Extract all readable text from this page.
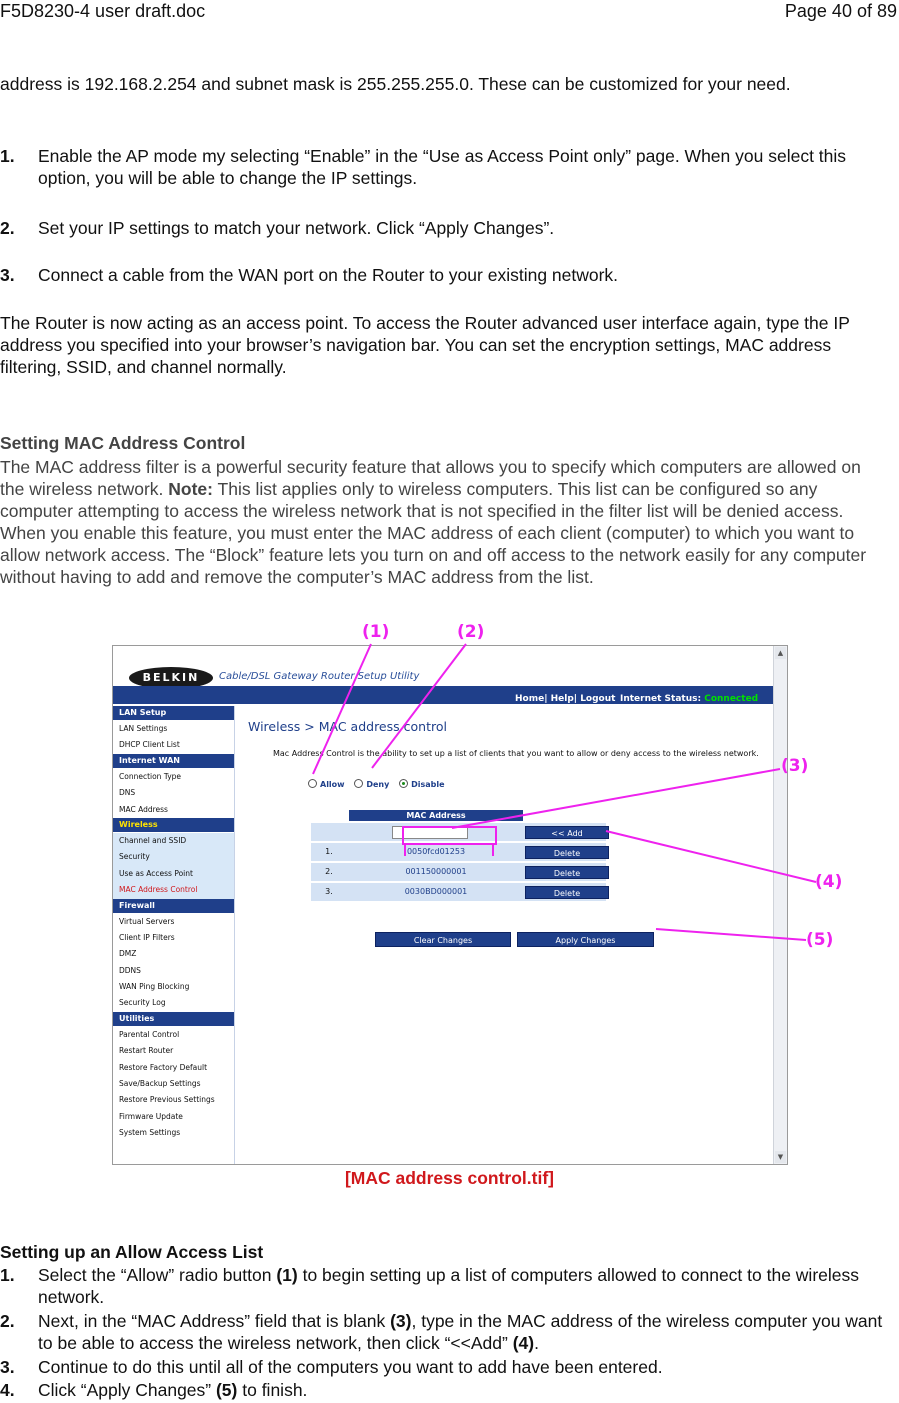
F5D8230-4 user draft.doc	Page 40 of 89
address is 192.168.2.254 and subnet mask is 255.255.255.0. These can be customized for your need.
1. Enable the AP mode my selecting “Enable” in the “Use as Access Point only” page. When you select this option, you will be able to change the IP settings.
2. Set your IP settings to match your network. Click “Apply Changes”.
3. Connect a cable from the WAN port on the Router to your existing network.
The Router is now acting as an access point. To access the Router advanced user interface again, type the IP address you specified into your browser’s navigation bar. You can set the encryption settings, MAC address filtering, SSID, and channel normally.
Setting MAC Address Control
The MAC address filter is a powerful security feature that allows you to specify which computers are allowed on the wireless network. Note: This list applies only to wireless computers. This list can be configured so any computer attempting to access the wireless network that is not specified in the filter list will be denied access. When you enable this feature, you must enter the MAC address of each client (computer) to which you want to allow network access. The “Block” feature lets you turn on and off access to the network easily for any computer without having to add and remove the computer’s MAC address from the list.
BELKIN	Cable/DSL Gateway Router Setup Utility
Home| Help| Logout Internet Status: Connected
▲
▼
LAN Setup
LAN Settings
DHCP Client List
Internet WAN
Connection Type
DNS
MAC Address
Wireless
Channel and SSID
Security
Use as Access Point
MAC Address Control
Firewall
Virtual Servers
Client IP Filters
DMZ
DDNS
WAN Ping Blocking
Security Log
Utilities
Parental Control
Restart Router
Restore Factory Default
Save/Backup Settings
Restore Previous Settings
Firmware Update
System Settings
Wireless > MAC address control
Mac Address Control is the ability to set up a list of clients that you want to allow or deny access to the wireless network.
Allow	Deny	Disable
MAC Address
<< Add
1.	0050fcd01253	Delete
2.	001150000001	Delete
3.	0030BD000001	Delete
Clear Changes	Apply Changes
(1)	(2)
(3)
(4)
(5)
[MAC address control.tif]
Setting up an Allow Access List
1. Select the “Allow” radio button (1) to begin setting up a list of computers allowed to connect to the wireless network.
2. Next, in the “MAC Address” field that is blank (3), type in the MAC address of the wireless computer you want to be able to access the wireless network, then click “<<Add” (4).
3. Continue to do this until all of the computers you want to add have been entered.
4. Click “Apply Changes” (5) to finish.
